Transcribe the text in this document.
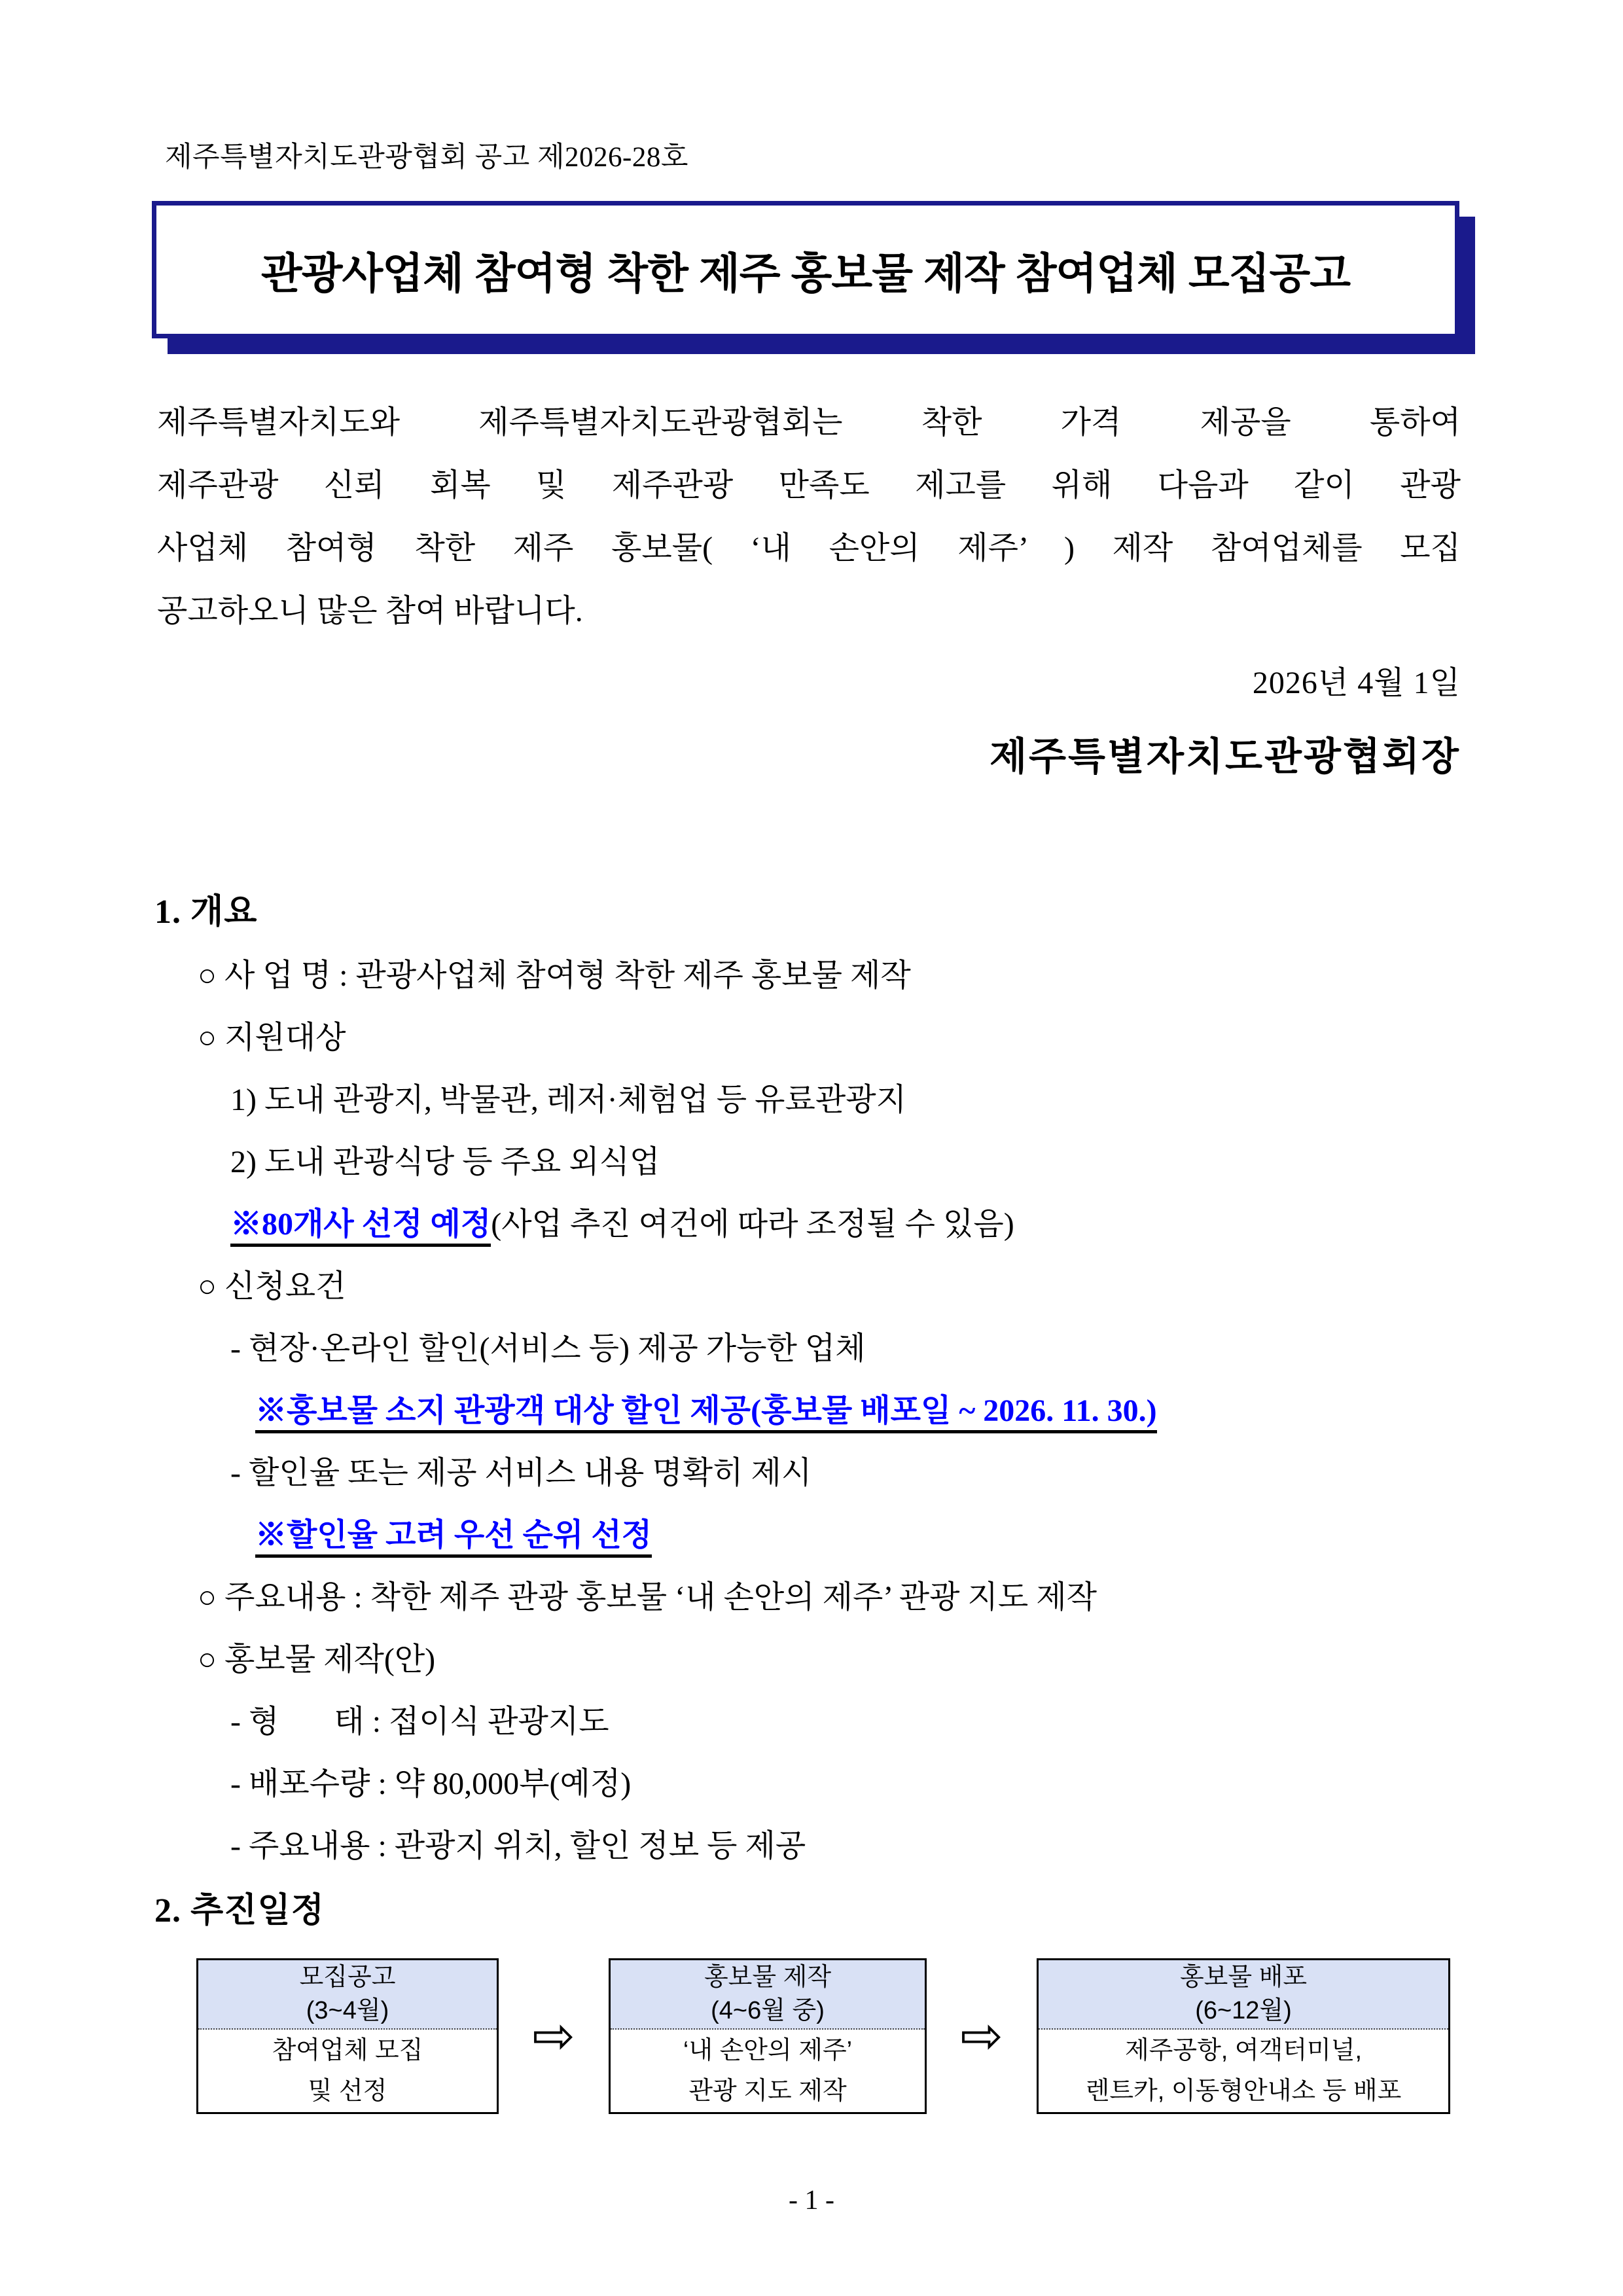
제주특별자치도관광협회 공고 제2026-28호
관광사업체 참여형 착한 제주 홍보물 제작 참여업체 모집공고
제주특별자치도와 제주특별자치도관광협회는 착한 가격 제공을 통하여
제주관광 신뢰 회복 및 제주관광 만족도 제고를 위해 다음과 같이 관광
사업체 참여형 착한 제주 홍보물( ‘내 손안의 제주’ ) 제작 참여업체를 모집
공고하오니 많은 참여 바랍니다.
2026년 4월 1일
제주특별자치도관광협회장
1. 개요
○ 사 업 명 : 관광사업체 참여형 착한 제주 홍보물 제작
○ 지원대상
1) 도내 관광지, 박물관, 레저·체험업 등 유료관광지
2) 도내 관광식당 등 주요 외식업
※80개사 선정 예정(사업 추진 여건에 따라 조정될 수 있음)
○ 신청요건
- 현장·온라인 할인(서비스 등) 제공 가능한 업체
※홍보물 소지 관광객 대상 할인 제공(홍보물 배포일 ~ 2026. 11. 30.)
- 할인율 또는 제공 서비스 내용 명확히 제시
※할인율 고려 우선 순위 선정
○ 주요내용 : 착한 제주 관광 홍보물 ‘내 손안의 제주’ 관광 지도 제작
○ 홍보물 제작(안)
- 형       태 : 접이식 관광지도
- 배포수량 : 약 80,000부(예정)
- 주요내용 : 관광지 위치, 할인 정보 등 제공
2. 추진일정
모집공고
(3~4월)
참여업체 모집
및 선정
⇨
홍보물 제작
(4~6월 중)
‘내 손안의 제주’
관광 지도 제작
⇨
홍보물 배포
(6~12월)
제주공항, 여객터미널,
렌트카, 이동형안내소 등 배포
- 1 -
